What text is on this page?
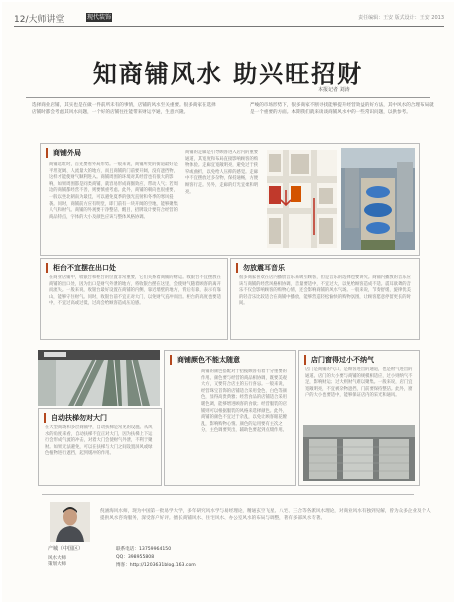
12/大师讲堂	现代装饰	责任编辑：王安 版式设计：王安 2013
知商铺风水 助兴旺招财
本报记者 刘涛
选择商业店铺，其实也是在做一件前所未有的事情，店铺的风水至关重要。很多商家在选择店铺时都会考虑其风水问题，一个好的店铺往往能带来财运亨通，生意兴隆。
严峻的市场形势下，很多商家不断寻找能够提升经营效益的好方法，其中风水的合理布局就是一个重要的方面。本期我们就来谈谈商铺风水中的一些常识问题，以供参考。
商铺外局
商铺选址时，首先要看外局形势。一般来说，商铺所处的街道最好是平坦宽阔、人流量大的地方，而且商铺的门前要开阔，没有遮挡物，这样才能使财气顺利进入。商铺周围的环境对其经营也有很大的影响，如果周围都是同类商铺，就容易形成商圈效应，带动人气；若周边的商铺都经营不善，则要慎重考虑。此外，商铺的朝向也很重要，一般以坐北朝南为最佳，可以避免夏季的强光直射和冬季的寒风侵袭。同时，商铺前方应有明堂，即门前有一块开阔的空地，能够聚集人气和财气。商铺的外观要干净整洁、醒目，招牌设计要符合经营的商品特点，字体的大小及颜色应该与整体风格协调。
商铺的走廊是引导顾客进入店内的重要通道，其宽度和布局直接影响顾客的购物体验。走廊宜宽敞明亮，避免过于狭窄或曲折，以免给人压抑的感觉。走廊中不宜摆放过多杂物，保持通畅，方便顾客行走。另外，走廊的灯光宜柔和明亮。
柜台不宜摆在出口处
在商业店铺中，收银台和柜台的位置非常重要，它们关系着商铺的财运。收银台不宜摆放在商铺的出口处，因为出口是财气外泄的地方，将收银台摆在这里，会使财气随着顾客的离开而流失。一般来说，收银台最好设置在商铺的内侧，靠近墙壁的地方，背后有靠，表示有靠山，能够守住财气。同时，收银台前不宜正对大门，以免财气直冲而出。柜台的高度也要适中，不宜过高或过低，过高会给顾客造成压迫感。
勿放震耳音乐
很多商家喜欢在店内播放音乐来吸引顾客，但是音乐的选择也要讲究。商铺内播放的音乐应该与商铺的经营风格相协调，音量要适中，不宜过大，以免给顾客造成不适。震耳欲聋的音乐不仅会影响顾客的购物心情，还会影响商铺的风水气场。一般来说，节奏舒缓、旋律优美的轻音乐比较适合在商铺中播放，能够营造轻松愉快的购物氛围，让顾客愿意停留更长的时间。
自动扶梯勿对大门
在大型商场和多层商铺中，自动扶梯是常见的设施。从风水的角度来看，自动扶梯不宜正对大门，因为扶梯上下运行会形成气流的冲击，对着大门会使财气外泄，不利于聚财。如果无法避免，可以在扶梯与大门之间设置屏风或绿色植物进行遮挡，起到缓冲的作用。
商铺颜色不能太随意
商铺的颜色搭配对于招揽顾客有着十分重要的作用。颜色要与经营的商品相协调，既要美观大方，又要符合店主的五行喜忌。一般来说，经营珠宝首饰的店铺适合采用金色、白色等颜色，显得高贵典雅；经营食品的店铺适合采用暖色调，能够增进顾客的食欲；经营服装的店铺则可以根据服装的风格来选择颜色。此外，商铺的颜色不宜过于杂乱，以免让顾客眼花缭乱，影响购物心情。颜色的运用要有主次之分，主色调要突出，辅助色要起到点缀作用。
店门窗得过小不纳气
店门是商铺的气口，是顾客进出的通道，也是财气进出的通道。店门的大小要与商铺的规模相适应，过小则纳气不足，影响财运；过大则财气难以聚集。一般来说，店门宜宽敞明亮，不宜被杂物遮挡，门前要保持整洁。此外，窗户的大小也要适中，能够保证店内的采光和通风。
产城（中国区）
风水大师
策划大师
倪涵海风水师，现为中国第一批易学大学，多年研究风水学与易经理论，精通玄空飞星、八宅、三合等各派风水理论，对商业风水有独到见解，曾为众多企业及个人提供风水咨询服务，深受客户好评。擅长商铺风水、住宅风水、办公室风水的布局与调整，著有多部风水专著。
联系电话：13759964150
QQ：398955808
博客：http://1203631blog.163.com
